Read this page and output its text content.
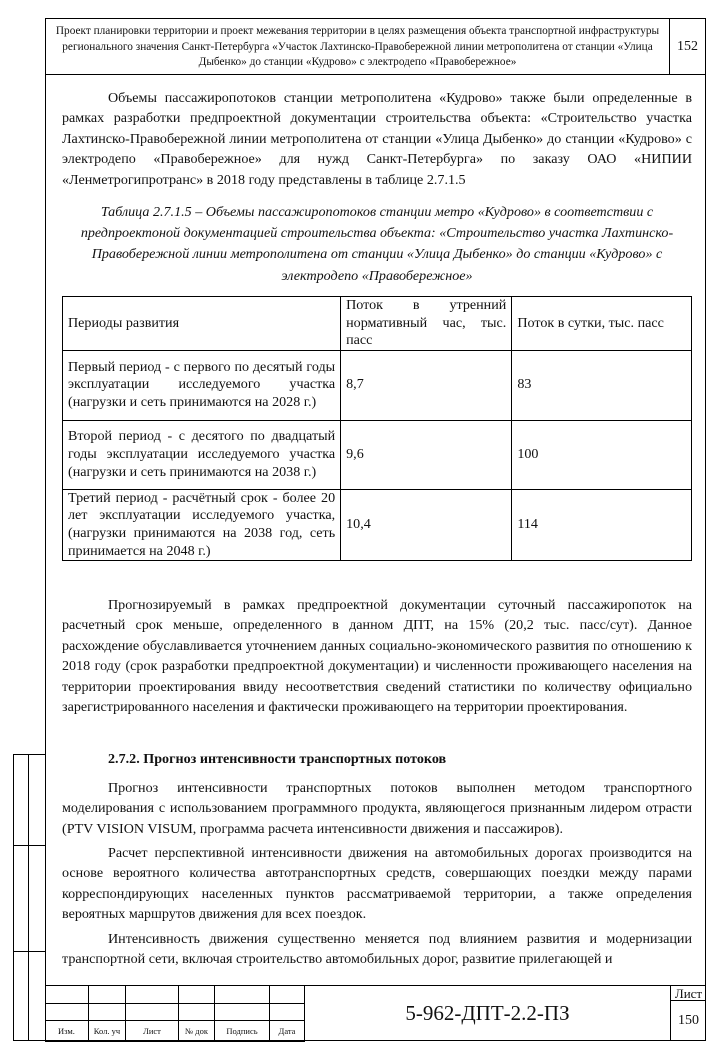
Проект планировки территории и проект межевания территории в целях размещения объекта транспортной инфраструктуры регионального значения Санкт-Петербурга «Участок Лахтинско-Правобережной линии метрополитена от станции «Улица Дыбенко» до станции «Кудрово» с электродепо «Правобережное»
152
Объемы пассажиропотоков станции метрополитена «Кудрово» также были определенные в рамках разработки предпроектной документации строительства объекта: «Строительство участка Лахтинско-Правобережной линии метрополитена от станции «Улица Дыбенко» до станции «Кудрово» с электродепо «Правобережное» для нужд Санкт-Петербурга» по заказу ОАО «НИПИИ «Ленметрогипротранс» в 2018 году представлены в таблице 2.7.1.5
Таблица 2.7.1.5 – Объемы пассажиропотоков станции метро «Кудрово» в соответствии с предпроектоной документацией строительства объекта: «Строительство участка Лахтинско-Правобережной линии метрополитена от станции «Улица Дыбенко» до станции «Кудрово» с электродепо «Правобережное»
Периоды развития	Поток в утренний нормативный час, тыс. пасс	Поток в сутки, тыс. пасс
Первый период - с первого по десятый годы эксплуатации исследуемого участка (нагрузки и сеть принимаются на 2028 г.)	8,7	83
Второй период - с десятого по двадцатый годы эксплуатации исследуемого участка (нагрузки и сеть принимаются на 2038 г.)	9,6	100
Третий период - расчётный срок - более 20 лет эксплуатации исследуемого участка, (нагрузки принимаются на 2038 год, сеть принимается на 2048 г.)	10,4	114
Прогнозируемый в рамках предпроектной документации суточный пассажиропоток на расчетный срок меньше, определенного в данном ДПТ, на 15% (20,2 тыс. пасс/сут). Данное расхождение обуславливается уточнением данных социально-экономического развития по отношению к 2018 году (срок разработки предпроектной документации) и численности проживающего населения на территории проектирования ввиду несоответствия сведений статистики по количеству официально зарегистрированного населения и фактически проживающего на территории проектирования.
2.7.2. Прогноз интенсивности транспортных потоков
Прогноз интенсивности транспортных потоков выполнен методом транспортного моделирования с использованием программного продукта, являющегося признанным лидером отрасти (PTV VISION VISUM, программа расчета интенсивности движения и пассажиров).
Расчет перспективной интенсивности движения на автомобильных дорогах производится на основе вероятного количества автотранспортных средств, совершающих поездки между парами корреспондирующих населенных пунктов рассматриваемой территории, а также определения вероятных маршрутов движения для всех поездок.
Интенсивность движения существенно меняется под влиянием развития и модернизации транспортной сети, включая строительство автомобильных дорог, развитие прилегающей и
Изм.	Кол. уч	Лист	№ док	Подпись	Дата
5-962-ДПТ-2.2-ПЗ
Лист
150
